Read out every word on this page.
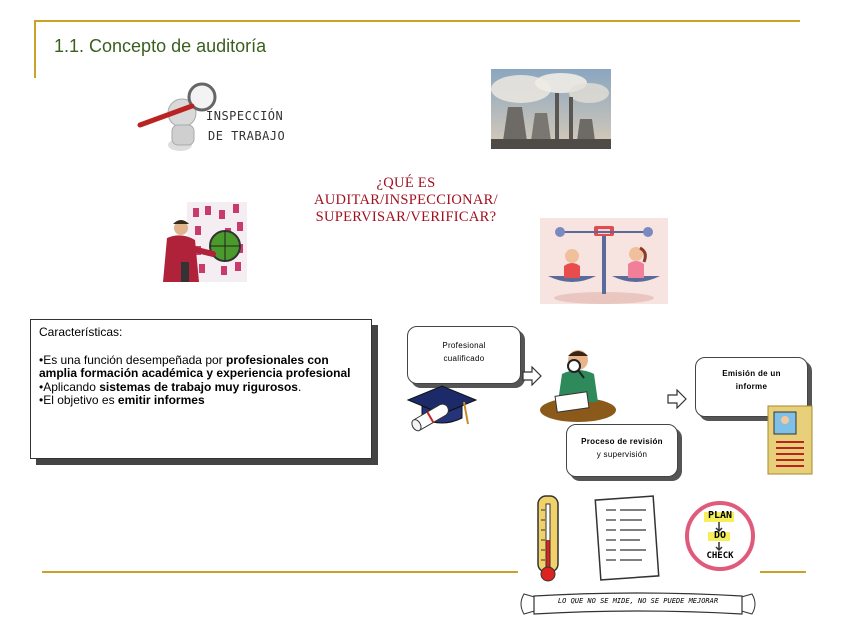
1.1. Concepto de auditoría
INSPECCIÓN
DE TRABAJO
¿QUÉ ES
AUDITAR/INSPECCIONAR/
SUPERVISAR/VERIFICAR?
Características:
•Es una función desempeñada por profesionales con amplia formación académica y experiencia profesional
•Aplicando sistemas de trabajo muy rigurosos.
•El objetivo es emitir informes
Profesional
cualificado
Proceso de revisión
y supervisión
Emisión de un
informe
PLAN
DO
CHECK
LO QUE NO SE MIDE, NO SE PUEDE MEJORAR
